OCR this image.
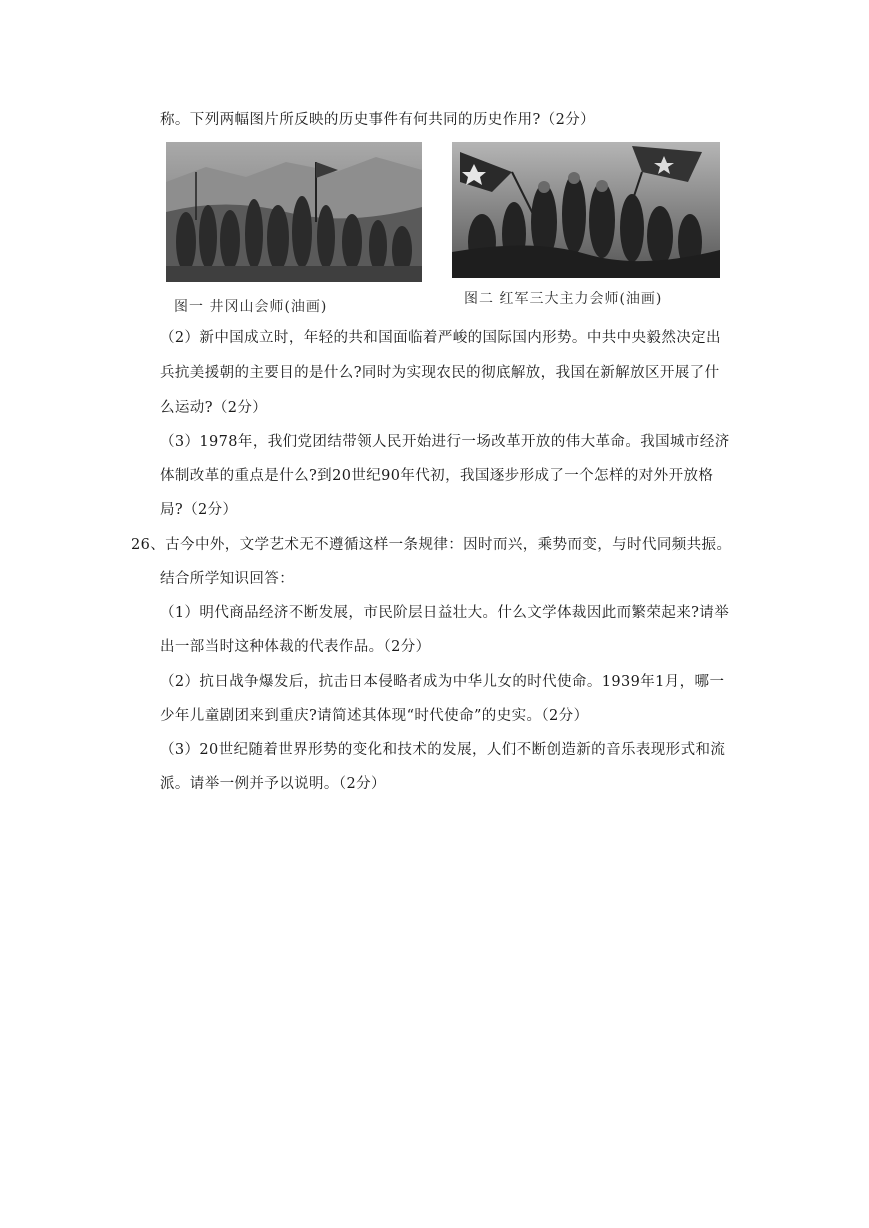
称。下列两幅图片所反映的历史事件有何共同的历史作用?（2分）
图一 井冈山会师(油画)	图二 红军三大主力会师(油画)
（2）新中国成立时，年轻的共和国面临着严峻的国际国内形势。中共中央毅然决定出
兵抗美援朝的主要目的是什么?同时为实现农民的彻底解放，我国在新解放区开展了什
么运动?（2分）
（3）1978年，我们党团结带领人民开始进行一场改革开放的伟大革命。我国城市经济
体制改革的重点是什么?到20世纪90年代初，我国逐步形成了一个怎样的对外开放格
局?（2分）
26、古今中外，文学艺术无不遵循这样一条规律：因时而兴，乘势而变，与时代同频共振。
结合所学知识回答：
（1）明代商品经济不断发展，市民阶层日益壮大。什么文学体裁因此而繁荣起来?请举
出一部当时这种体裁的代表作品。（2分）
（2）抗日战争爆发后，抗击日本侵略者成为中华儿女的时代使命。1939年1月，哪一
少年儿童剧团来到重庆?请简述其体现“时代使命”的史实。（2分）
（3）20世纪随着世界形势的变化和技术的发展，人们不断创造新的音乐表现形式和流
派。请举一例并予以说明。（2分）
